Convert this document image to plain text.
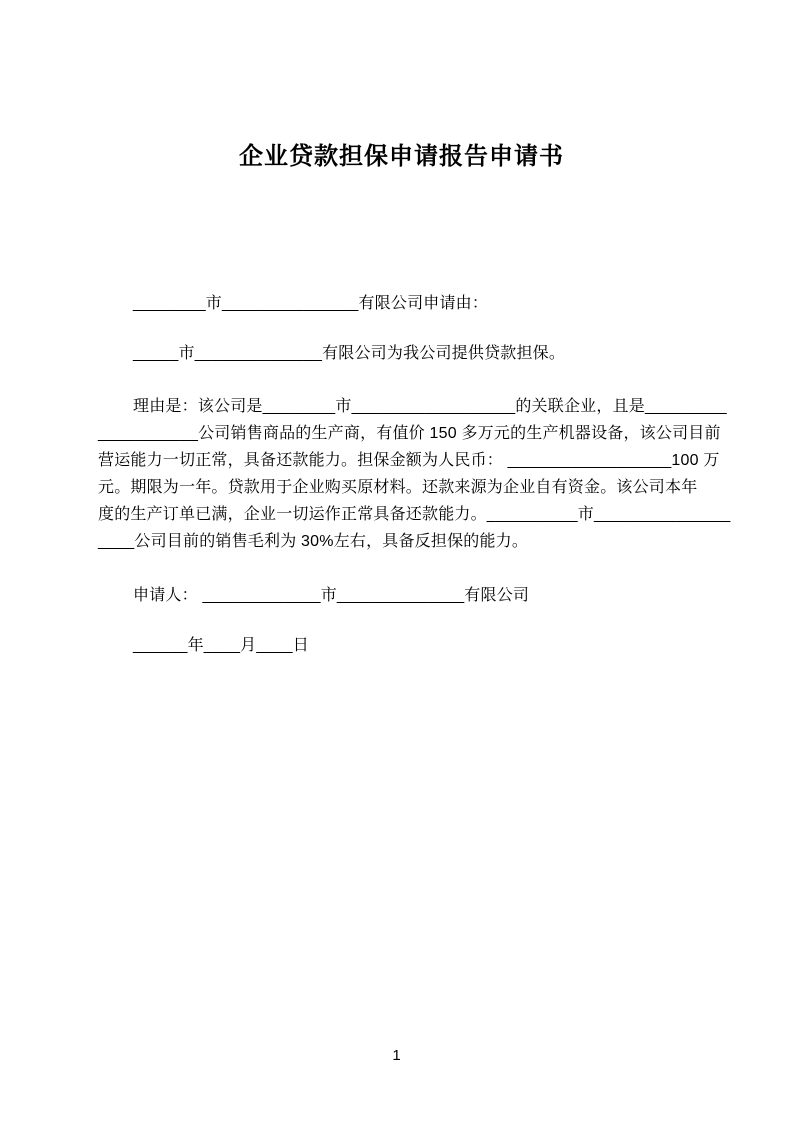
企业贷款担保申请报告申请书
________市_______________有限公司申请由：
_____市______________有限公司为我公司提供贷款担保。
理由是：该公司是________市__________________的关联企业，且是_________
___________公司销售商品的生产商，有值价 150 多万元的生产机器设备，该公司目前
营运能力一切正常，具备还款能力。担保金额为人民币： __________________100 万
元。期限为一年。贷款用于企业购买原材料。还款来源为企业自有资金。该公司本年
度的生产订单已满，企业一切运作正常具备还款能力。__________市_______________
____公司目前的销售毛利为 30%左右，具备反担保的能力。
申请人： _____________市______________有限公司
______年____月____日
1
